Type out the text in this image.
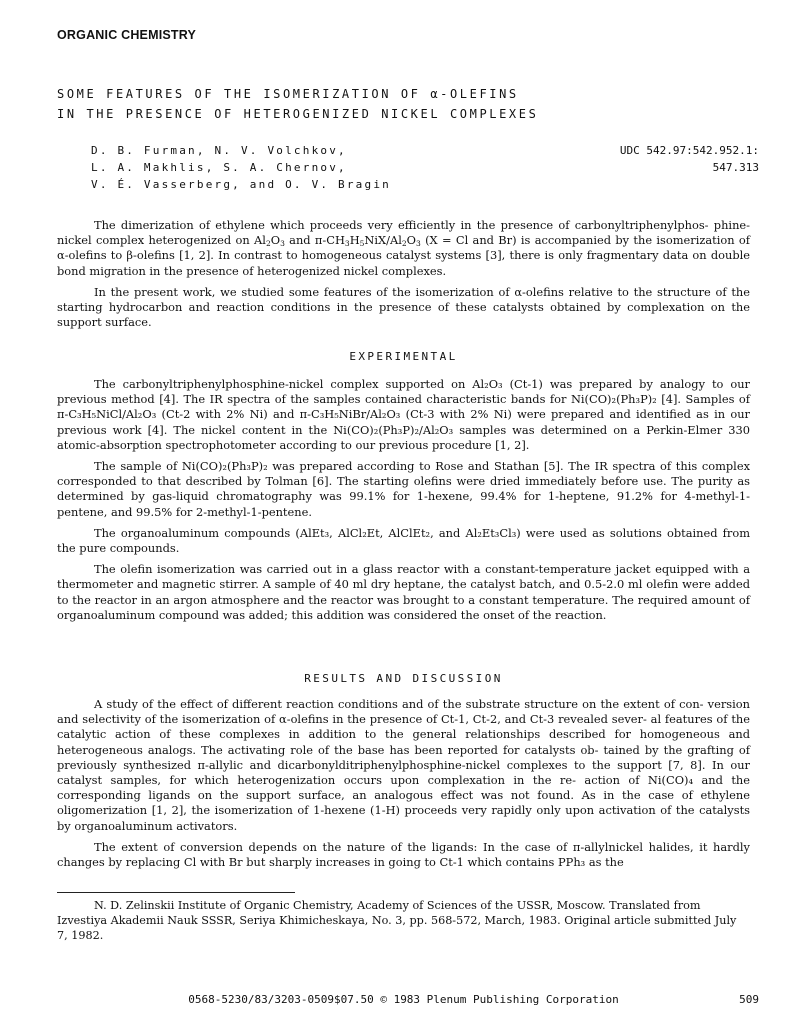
ORGANIC CHEMISTRY
SOME FEATURES OF THE ISOMERIZATION OF α-OLEFINS
IN THE PRESENCE OF HETEROGENIZED NICKEL COMPLEXES
D. B. Furman, N. V. Volchkov,
L. A. Makhlis, S. A. Chernov,
V. É. Vasserberg, and O. V. Bragin
UDC 542.97:542.952.1:
547.313

The dimerization of ethylene which proceeds very efficiently in the presence of carbonyltriphenylphos- phine-nickel complex heterogenized on $Al_2O_3$ and $\pi-CH_3H_5NiX/Al_2O_3$ (X = Cl and Br) is accompanied by the isomerization of α-olefins to β-olefins [1, 2]. In contrast to homogeneous catalyst systems [3], there is only fragmentary data on double bond migration in the presence of heterogenized nickel complexes.

In the present work, we studied some features of the isomerization of α-olefins relative to the structure of the starting hydrocarbon and reaction conditions in the presence of these catalysts obtained by complexation on the support surface.

EXPERIMENTAL

The carbonyltriphenylphosphine-nickel complex supported on Al₂O₃ (Ct-1) was prepared by analogy to our previous method [4]. The IR spectra of the samples contained characteristic bands for Ni(CO)₂(Ph₃P)₂ [4]. Samples of π-C₃H₅NiCl/Al₂O₃ (Ct-2 with 2% Ni) and π-C₃H₅NiBr/Al₂O₃ (Ct-3 with 2% Ni) were prepared and identified as in our previous work [4]. The nickel content in the Ni(CO)₂(Ph₃P)₂/Al₂O₃ samples was determined on a Perkin-Elmer 330 atomic-absorption spectrophotometer according to our previous procedure [1, 2].

The sample of Ni(CO)₂(Ph₃P)₂ was prepared according to Rose and Stathan [5]. The IR spectra of this complex corresponded to that described by Tolman [6]. The starting olefins were dried immediately before use. The purity as determined by gas-liquid chromatography was 99.1% for 1-hexene, 99.4% for 1-heptene, 91.2% for 4-methyl-1-pentene, and 99.5% for 2-methyl-1-pentene.

The organoaluminum compounds (AlEt₃, AlCl₂Et, AlClEt₂, and Al₂Et₃Cl₃) were used as solutions obtained from the pure compounds.

The olefin isomerization was carried out in a glass reactor with a constant-temperature jacket equipped with a thermometer and magnetic stirrer. A sample of 40 ml dry heptane, the catalyst batch, and 0.5-2.0 ml olefin were added to the reactor in an argon atmosphere and the reactor was brought to a constant temperature. The required amount of organoaluminum compound was added; this addition was considered the onset of the reaction.

RESULTS AND DISCUSSION

A study of the effect of different reaction conditions and of the substrate structure on the extent of con- version and selectivity of the isomerization of α-olefins in the presence of Ct-1, Ct-2, and Ct-3 revealed sever- al features of the catalytic action of these complexes in addition to the general relationships described for homogeneous and heterogeneous analogs. The activating role of the base has been reported for catalysts ob- tained by the grafting of previously synthesized π-allylic and dicarbonylditriphenylphosphine-nickel complexes to the support [7, 8]. In our catalyst samples, for which heterogenization occurs upon complexation in the re- action of Ni(CO)₄ and the corresponding ligands on the support surface, an analogous effect was not found. As in the case of ethylene oligomerization [1, 2], the isomerization of 1-hexene (1-H) proceeds very rapidly only upon activation of the catalysts by organoaluminum activators.

The extent of conversion depends on the nature of the ligands: In the case of π-allylnickel halides, it hardly changes by replacing Cl with Br but sharply increases in going to Ct-1 which contains PPh₃ as the

N. D. Zelinskii Institute of Organic Chemistry, Academy of Sciences of the USSR, Moscow. Translated from Izvestiya Akademii Nauk SSSR, Seriya Khimicheskaya, No. 3, pp. 568-572, March, 1983. Original article submitted July 7, 1982.

0568-5230/83/3203-0509$07.50 © 1983 Plenum Publishing Corporation	509
